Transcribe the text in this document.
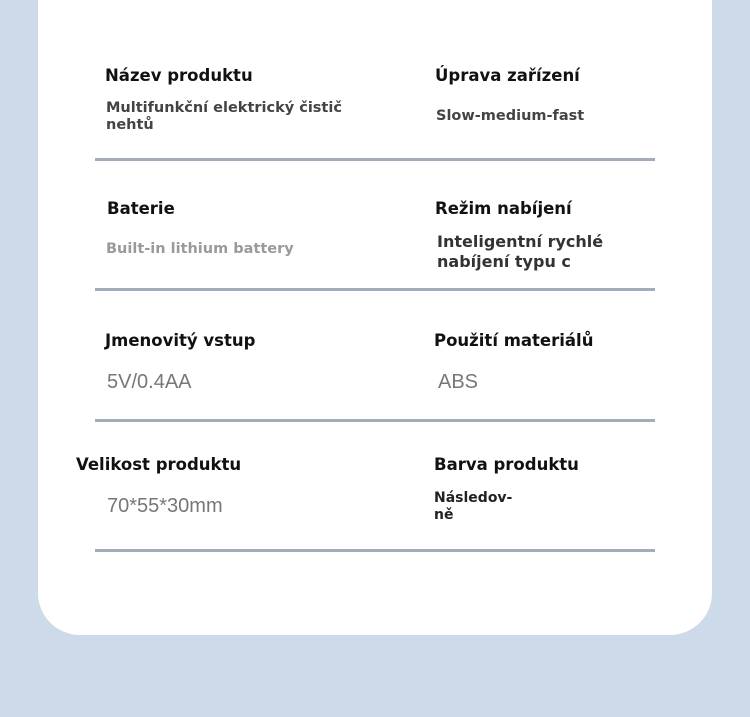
Název produktu

Multifunkční elektrický čistič
nehtů

Úprava zařízení

Slow-medium-fast

Baterie

Built-in lithium battery

Režim nabíjení

Inteligentní rychlé
nabíjení typu c

Jmenovitý vstup

5V/0.4AA

Použití materiálů

ABS

Velikost produktu

70*55*30mm

Barva produktu

Následov-
ně
